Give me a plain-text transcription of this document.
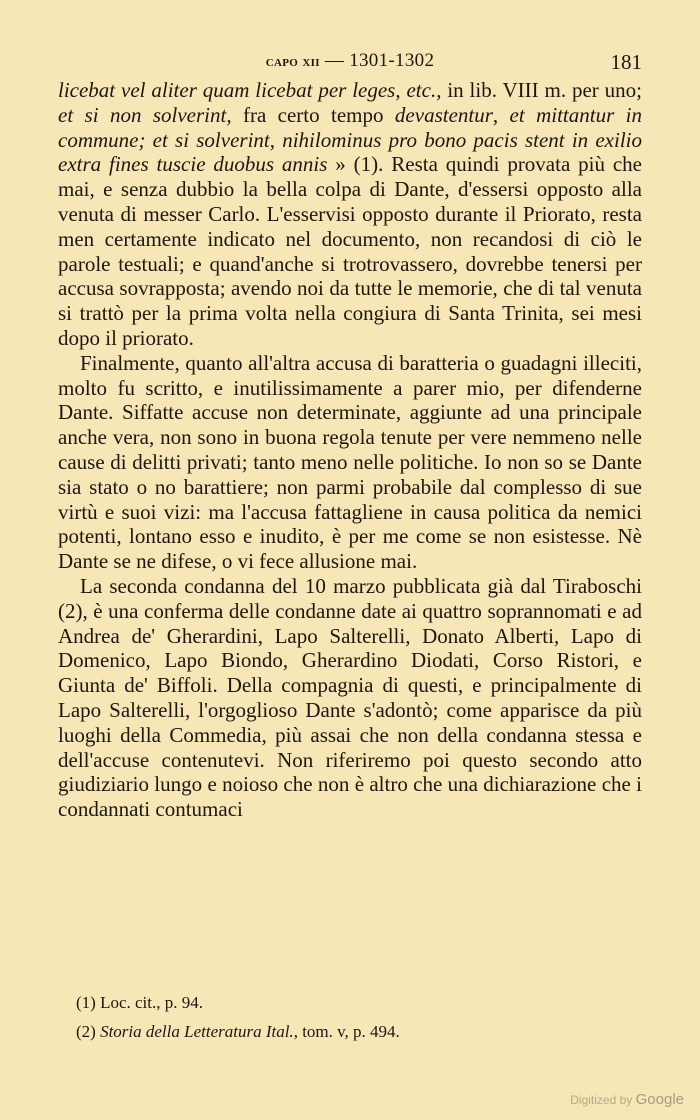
capo xii — 1301-1302	181

licebat vel aliter quam licebat per leges, etc., in lib. VIII m. per uno; et si non solverint, fra certo tempo devastentur, et mittantur in commune; et si solverint, nihilominus pro bono pacis stent in exilio extra fines tuscie duobus annis » (1). Resta quindi provata più che mai, e senza dubbio la bella colpa di Dante, d'essersi opposto alla venuta di messer Carlo. L'esservisi opposto durante il Priorato, resta men certamente indicato nel documento, non recandosi di ciò le parole testuali; e quand'anche si trotrovassero, dovrebbe tenersi per accusa sovrapposta; avendo noi da tutte le memorie, che di tal venuta si trattò per la prima volta nella congiura di Santa Trinita, sei mesi dopo il priorato.

Finalmente, quanto all'altra accusa di baratteria o guadagni illeciti, molto fu scritto, e inutilissimamente a parer mio, per difenderne Dante. Siffatte accuse non determinate, aggiunte ad una principale anche vera, non sono in buona regola tenute per vere nemmeno nelle cause di delitti privati; tanto meno nelle politiche. Io non so se Dante sia stato o no barattiere; non parmi probabile dal complesso di sue virtù e suoi vizi: ma l'accusa fattagliene in causa politica da nemici potenti, lontano esso e inudito, è per me come se non esistesse. Nè Dante se ne difese, o vi fece allusione mai.

La seconda condanna del 10 marzo pubblicata già dal Tiraboschi (2), è una conferma delle condanne date ai quattro soprannomati e ad Andrea de' Gherardini, Lapo Salterelli, Donato Alberti, Lapo di Domenico, Lapo Biondo, Gherardino Diodati, Corso Ristori, e Giunta de' Biffoli. Della compagnia di questi, e principalmente di Lapo Salterelli, l'orgoglioso Dante s'adontò; come apparisce da più luoghi della Commedia, più assai che non della condanna stessa e dell'accuse contenutevi. Non riferiremo poi questo secondo atto giudiziario lungo e noioso che non è altro che una dichiarazione che i condannati contumaci

(1) Loc. cit., p. 94.
(2) Storia della Letteratura Ital., tom. v, p. 494.
Digitized by Google
